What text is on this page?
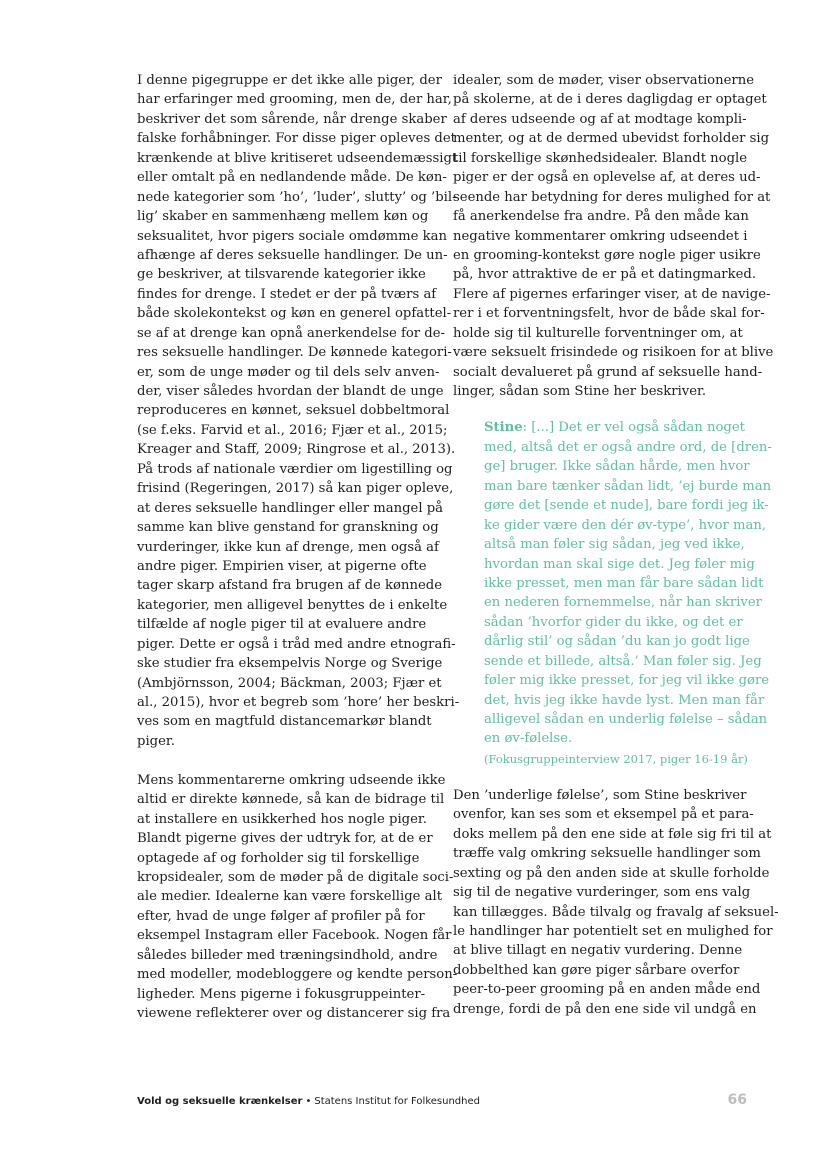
I denne pigegruppe er det ikke alle piger, der
har erfaringer med grooming, men de, der har,
beskriver det som sårende, når drenge skaber
falske forhåbninger. For disse piger opleves det
krænkende at blive kritiseret udseendemæssigt
eller omtalt på en nedlandende måde. De køn-
nede kategorier som ’ho’, ’luder’, slutty’ og ’bil-
lig’ skaber en sammenhæng mellem køn og
seksualitet, hvor pigers sociale omdømme kan
afhænge af deres seksuelle handlinger. De un-
ge beskriver, at tilsvarende kategorier ikke
findes for drenge. I stedet er der på tværs af
både skolekontekst og køn en generel opfattel-
se af at drenge kan opnå anerkendelse for de-
res seksuelle handlinger. De kønnede kategori-
er, som de unge møder og til dels selv anven-
der, viser således hvordan der blandt de unge
reproduceres en kønnet, seksuel dobbeltmoral
(se f.eks. Farvid et al., 2016; Fjær et al., 2015;
Kreager and Staff, 2009; Ringrose et al., 2013).
På trods af nationale værdier om ligestilling og
frisind (Regeringen, 2017) så kan piger opleve,
at deres seksuelle handlinger eller mangel på
samme kan blive genstand for granskning og
vurderinger, ikke kun af drenge, men også af
andre piger. Empirien viser, at pigerne ofte
tager skarp afstand fra brugen af de kønnede
kategorier, men alligevel benyttes de i enkelte
tilfælde af nogle piger til at evaluere andre
piger. Dette er også i tråd med andre etnografi-
ske studier fra eksempelvis Norge og Sverige
(Ambjörnsson, 2004; Bäckman, 2003; Fjær et
al., 2015), hvor et begreb som ’hore’ her beskri-
ves som en magtfuld distancemarkør blandt
piger.
Mens kommentarerne omkring udseende ikke
altid er direkte kønnede, så kan de bidrage til
at installere en usikkerhed hos nogle piger.
Blandt pigerne gives der udtryk for, at de er
optagede af og forholder sig til forskellige
kropsidealer, som de møder på de digitale soci-
ale medier. Idealerne kan være forskellige alt
efter, hvad de unge følger af profiler på for
eksempel Instagram eller Facebook. Nogen får
således billeder med træningsindhold, andre
med modeller, modebloggere og kendte person-
ligheder. Mens pigerne i fokusgruppeinter-
viewene reflekterer over og distancerer sig fra
idealer, som de møder, viser observationerne
på skolerne, at de i deres dagligdag er optaget
af deres udseende og af at modtage kompli-
menter, og at de dermed ubevidst forholder sig
til forskellige skønhedsidealer. Blandt nogle
piger er der også en oplevelse af, at deres ud-
seende har betydning for deres mulighed for at
få anerkendelse fra andre. På den måde kan
negative kommentarer omkring udseendet i
en grooming-kontekst gøre nogle piger usikre
på, hvor attraktive de er på et datingmarked.
Flere af pigernes erfaringer viser, at de navige-
rer i et forventningsfelt, hvor de både skal for-
holde sig til kulturelle forventninger om, at
være seksuelt frisindede og risikoen for at blive
socialt devalueret på grund af seksuelle hand-
linger, sådan som Stine her beskriver.
Stine: [...] Det er vel også sådan noget
med, altså det er også andre ord, de [dren-
ge] bruger. Ikke sådan hårde, men hvor
man bare tænker sådan lidt, ’ej burde man
gøre det [sende et nude], bare fordi jeg ik-
ke gider være den dér øv-type’, hvor man,
altså man føler sig sådan, jeg ved ikke,
hvordan man skal sige det. Jeg føler mig
ikke presset, men man får bare sådan lidt
en nederen fornemmelse, når han skriver
sådan ’hvorfor gider du ikke, og det er
dårlig stil’ og sådan ’du kan jo godt lige
sende et billede, altså.’ Man føler sig. Jeg
føler mig ikke presset, for jeg vil ikke gøre
det, hvis jeg ikke havde lyst. Men man får
alligevel sådan en underlig følelse – sådan
en øv-følelse.
(Fokusgruppeinterview 2017, piger 16-19 år)
Den ’underlige følelse’, som Stine beskriver
ovenfor, kan ses som et eksempel på et para-
doks mellem på den ene side at føle sig fri til at
træffe valg omkring seksuelle handlinger som
sexting og på den anden side at skulle forholde
sig til de negative vurderinger, som ens valg
kan tillægges. Både tilvalg og fravalg af seksuel-
le handlinger har potentielt set en mulighed for
at blive tillagt en negativ vurdering. Denne
dobbelthed kan gøre piger sårbare overfor
peer-to-peer grooming på en anden måde end
drenge, fordi de på den ene side vil undgå en
Vold og seksuelle krænkelser • Statens Institut for Folkesundhed	66
